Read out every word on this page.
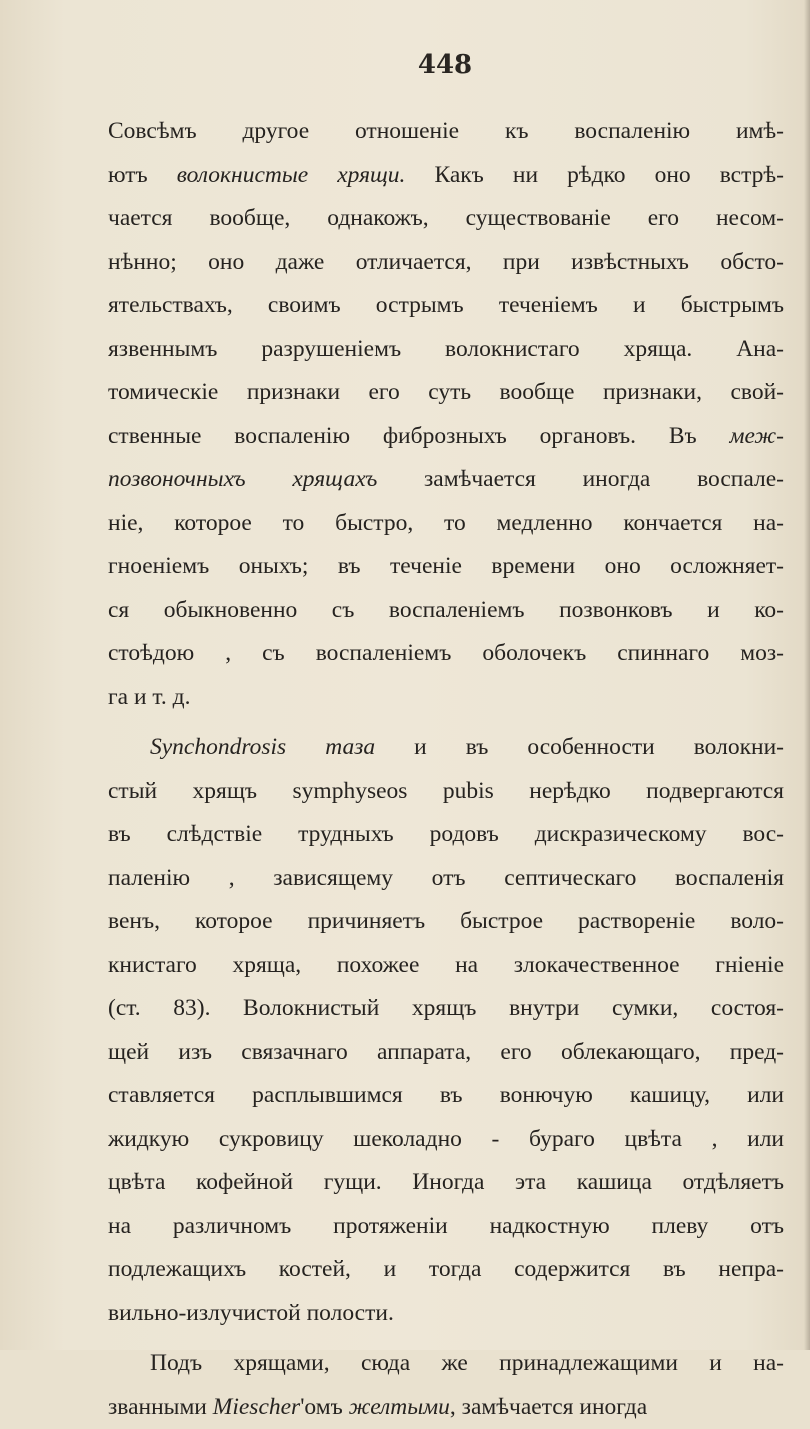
448
Совсѣмъ другое отношеніе къ воспаленію имѣ-
ютъ волокнистые хрящи. Какъ ни рѣдко оно встрѣ-
чается вообще, однакожъ, существованіе его несом-
нѣнно; оно даже отличается, при извѣстныхъ обсто-
ятельствахъ, своимъ острымъ теченіемъ и быстрымъ
язвеннымъ разрушеніемъ волокнистаго хряща. Ана-
томическіе признаки его суть вообще признаки, свой-
ственные воспаленію фиброзныхъ органовъ. Въ меж-
позвоночныхъ хрящахъ замѣчается иногда воспале-
ніе, которое то быстро, то медленно кончается на-
гноеніемъ оныхъ; въ теченіе времени оно осложняет-
ся обыкновенно съ воспаленіемъ позвонковъ и ко-
стоѣдою , съ воспаленіемъ оболочекъ спиннаго моз-
га и т. д.
Synchondrosis таза и въ особенности волокни-
стый хрящъ symphyseos pubis нерѣдко подвергаются
въ слѣдствіе трудныхъ родовъ дискразическому вос-
паленію , зависящему отъ септическаго воспаленія
венъ, которое причиняетъ быстрое раствореніе воло-
книстаго хряща, похожее на злокачественное гніеніе
(ст. 83). Волокнистый хрящъ внутри сумки, состоя-
щей изъ связачнаго аппарата, его облекающаго, пред-
ставляется расплывшимся въ вонючую кашицу, или
жидкую сукровицу шеколадно - бураго цвѣта , или
цвѣта кофейной гущи. Иногда эта кашица отдѣляетъ
на различномъ протяженіи надкостную плеву отъ
подлежащихъ костей, и тогда содержится въ непра-
вильно-излучистой полости.
Подъ хрящами, сюда же принадлежащими и на-
званными Miescher'омъ желтыми, замѣчается иногда
